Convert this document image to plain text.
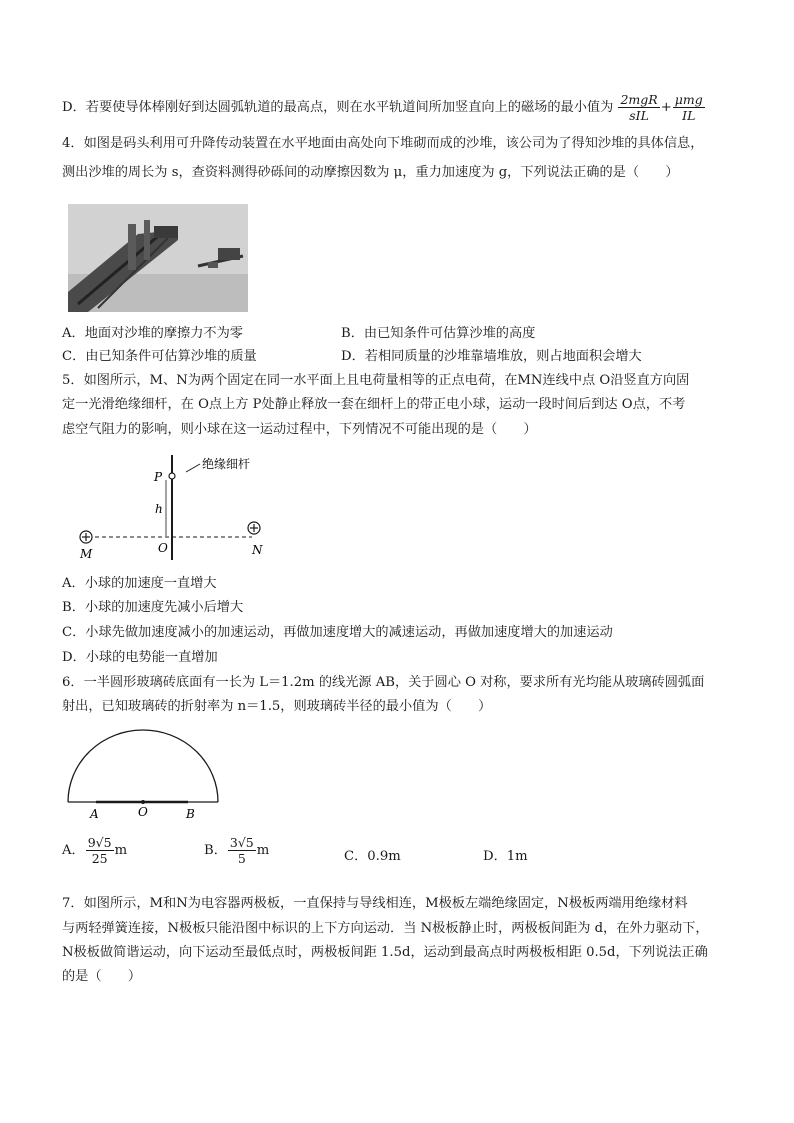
D．若要使导体棒刚好到达圆弧轨道的最高点，则在水平轨道间所加竖直向上的磁场的最小值为 $\frac{\text{2mgR}}{\text{sIL}} + \frac{\text{μmg}}{IL}$
4．如图是码头利用可升降传动装置在水平地面由高处向下堆砌而成的沙堆，该公司为了得知沙堆的具体信息，
测出沙堆的周长为 s，查资料测得砂砾间的动摩擦因数为 μ，重力加速度为 g，下列说法正确的是（　　）
A．地面对沙堆的摩擦力不为零	B．由已知条件可估算沙堆的高度
C．由已知条件可估算沙堆的质量	D．若相同质量的沙堆靠墙堆放，则占地面积会增大
5．如图所示，M、N为两个固定在同一水平面上且电荷量相等的正点电荷，在MN连线中点 O沿竖直方向固
定一光滑绝缘细杆，在 O点上方 P处静止释放一套在细杆上的带正电小球，运动一段时间后到达 O点，不考
虑空气阻力的影响，则小球在这一运动过程中，下列情况不可能出现的是（　　）
绝缘细杆
P
h
M	O	N
A．小球的加速度一直增大
B．小球的加速度先减小后增大
C．小球先做加速度减小的加速运动，再做加速度增大的减速运动，再做加速度增大的加速运动
D．小球的电势能一直增加
6．一半圆形玻璃砖底面有一长为 L＝1.2m 的线光源 AB，关于圆心 O 对称，要求所有光均能从玻璃砖圆弧面
射出，已知玻璃砖的折射率为 n＝1.5，则玻璃砖半径的最小值为（　　）
A	O	B
A． $\frac{9√5}{25}$ m	B． $\frac{3√5}{5}$ m	C．0.9m	D．1m
7．如图所示，M和N为电容器两极板，一直保持与导线相连，M极板左端绝缘固定，N极板两端用绝缘材料
与两轻弹簧连接，N极板只能沿图中标识的上下方向运动．当 N极板静止时，两极板间距为 d，在外力驱动下，
N极板做简谐运动，向下运动至最低点时，两极板间距 1.5d，运动到最高点时两极板相距 0.5d，下列说法正确
的是（　　）
